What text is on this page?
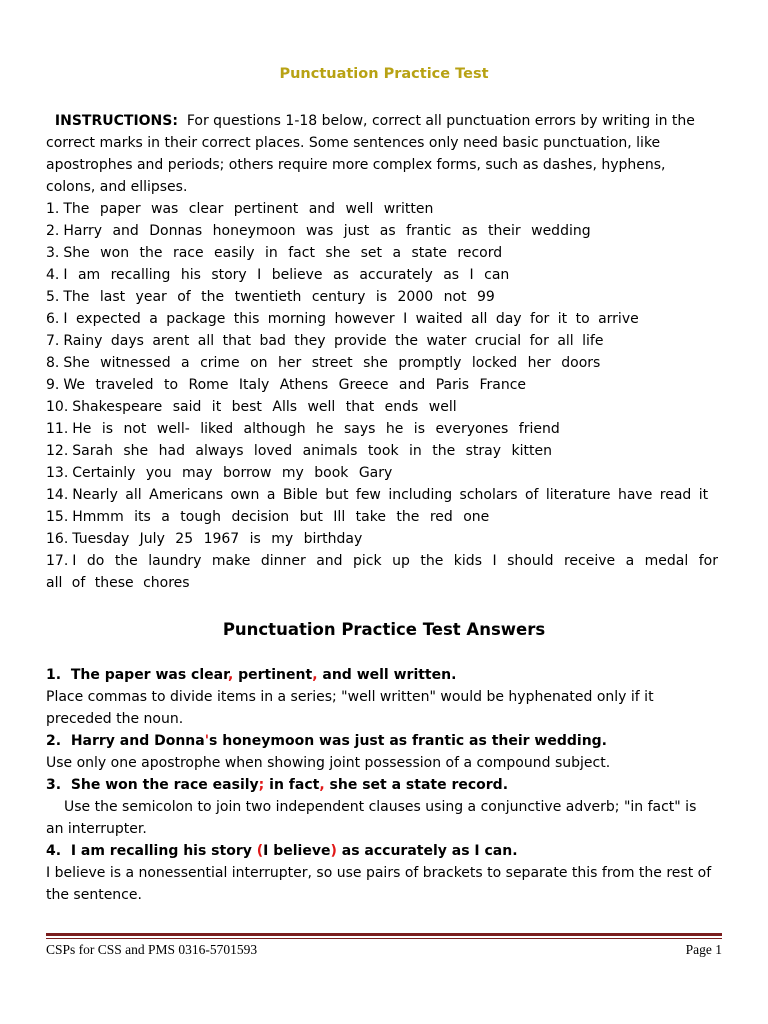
Punctuation Practice Test
INSTRUCTIONS: For questions 1-18 below, correct all punctuation errors by writing in the correct marks in their correct places. Some sentences only need basic punctuation, like apostrophes and periods; others require more complex forms, such as dashes, hyphens, colons, and ellipses.
1. The paper was clear pertinent and well written
2. Harry and Donnas honeymoon was just as frantic as their wedding
3. She won the race easily in fact she set a state record
4. I am recalling his story I believe as accurately as I can
5. The last year of the twentieth century is 2000 not 99
6. I expected a package this morning however I waited all day for it to arrive
7. Rainy days arent all that bad they provide the water crucial for all life
8. She witnessed a crime on her street she promptly locked her doors
9. We traveled to Rome Italy Athens Greece and Paris France
10. Shakespeare said it best Alls well that ends well
11. He is not well- liked although he says he is everyones friend
12. Sarah she had always loved animals took in the stray kitten
13. Certainly you may borrow my book Gary
14. Nearly all Americans own a Bible but few including scholars of literature have read it
15. Hmmm its a tough decision but Ill take the red one
16. Tuesday July 25 1967 is my birthday
17. I do the laundry make dinner and pick up the kids I should receive a medal for all of these chores
Punctuation Practice Test Answers
1. The paper was clear, pertinent, and well written.
Place commas to divide items in a series; "well written" would be hyphenated only if it preceded the noun.
2. Harry and Donna's honeymoon was just as frantic as their wedding.
Use only one apostrophe when showing joint possession of a compound subject.
3. She won the race easily; in fact, she set a state record.
Use the semicolon to join two independent clauses using a conjunctive adverb; "in fact" is an interrupter.
4. I am recalling his story (I believe) as accurately as I can.
I believe is a nonessential interrupter, so use pairs of brackets to separate this from the rest of the sentence.
CSPs for CSS and PMS 0316-5701593	Page 1
